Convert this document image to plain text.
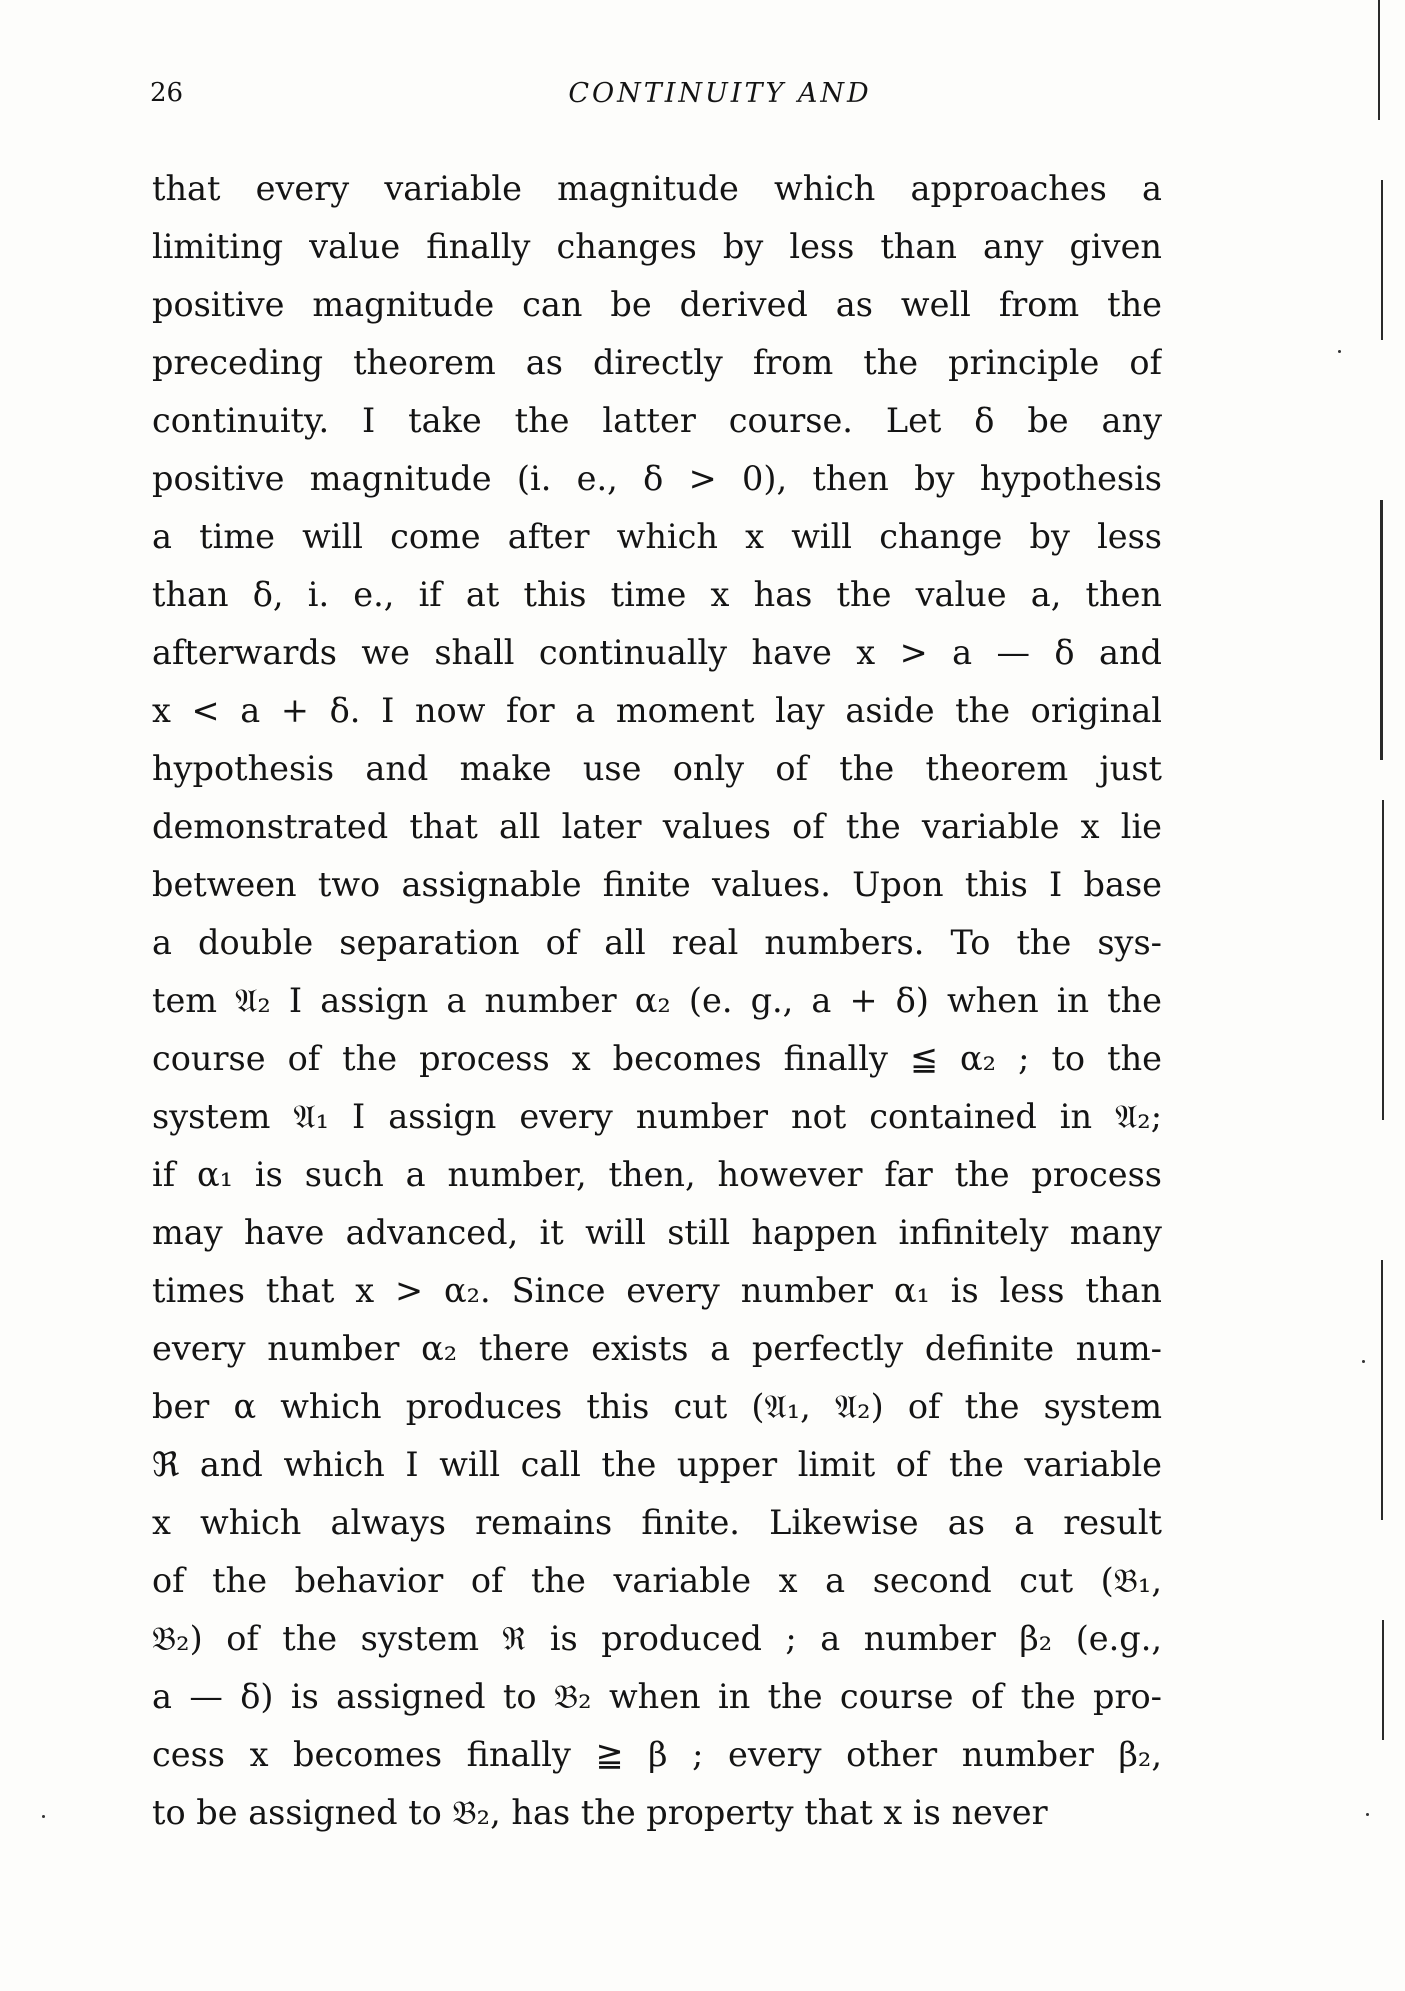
26	CONTINUITY AND
that every variable magnitude which approaches a
limiting value finally changes by less than any given
positive magnitude can be derived as well from the
preceding theorem as directly from the principle of
continuity. I take the latter course. Let δ be any
positive magnitude (i. e., δ > 0), then by hypothesis
a time will come after which x will change by less
than δ, i. e., if at this time x has the value a, then
afterwards we shall continually have x > a — δ and
x < a + δ. I now for a moment lay aside the original
hypothesis and make use only of the theorem just
demonstrated that all later values of the variable x lie
between two assignable finite values. Upon this I base
a double separation of all real numbers. To the sys-
tem 𝔄₂ I assign a number α₂ (e. g., a + δ) when in the
course of the process x becomes finally ≦ α₂ ; to the
system 𝔄₁ I assign every number not contained in 𝔄₂;
if α₁ is such a number, then, however far the process
may have advanced, it will still happen infinitely many
times that x > α₂. Since every number α₁ is less than
every number α₂ there exists a perfectly definite num-
ber α which produces this cut (𝔄₁, 𝔄₂) of the system
ℜ and which I will call the upper limit of the variable
x which always remains finite. Likewise as a result
of the behavior of the variable x a second cut (𝔅₁,
𝔅₂) of the system ℜ is produced ; a number β₂ (e.g.,
a — δ) is assigned to 𝔅₂ when in the course of the pro-
cess x becomes finally ≧ β ; every other number β₂,
to be assigned to 𝔅₂, has the property that x is never
